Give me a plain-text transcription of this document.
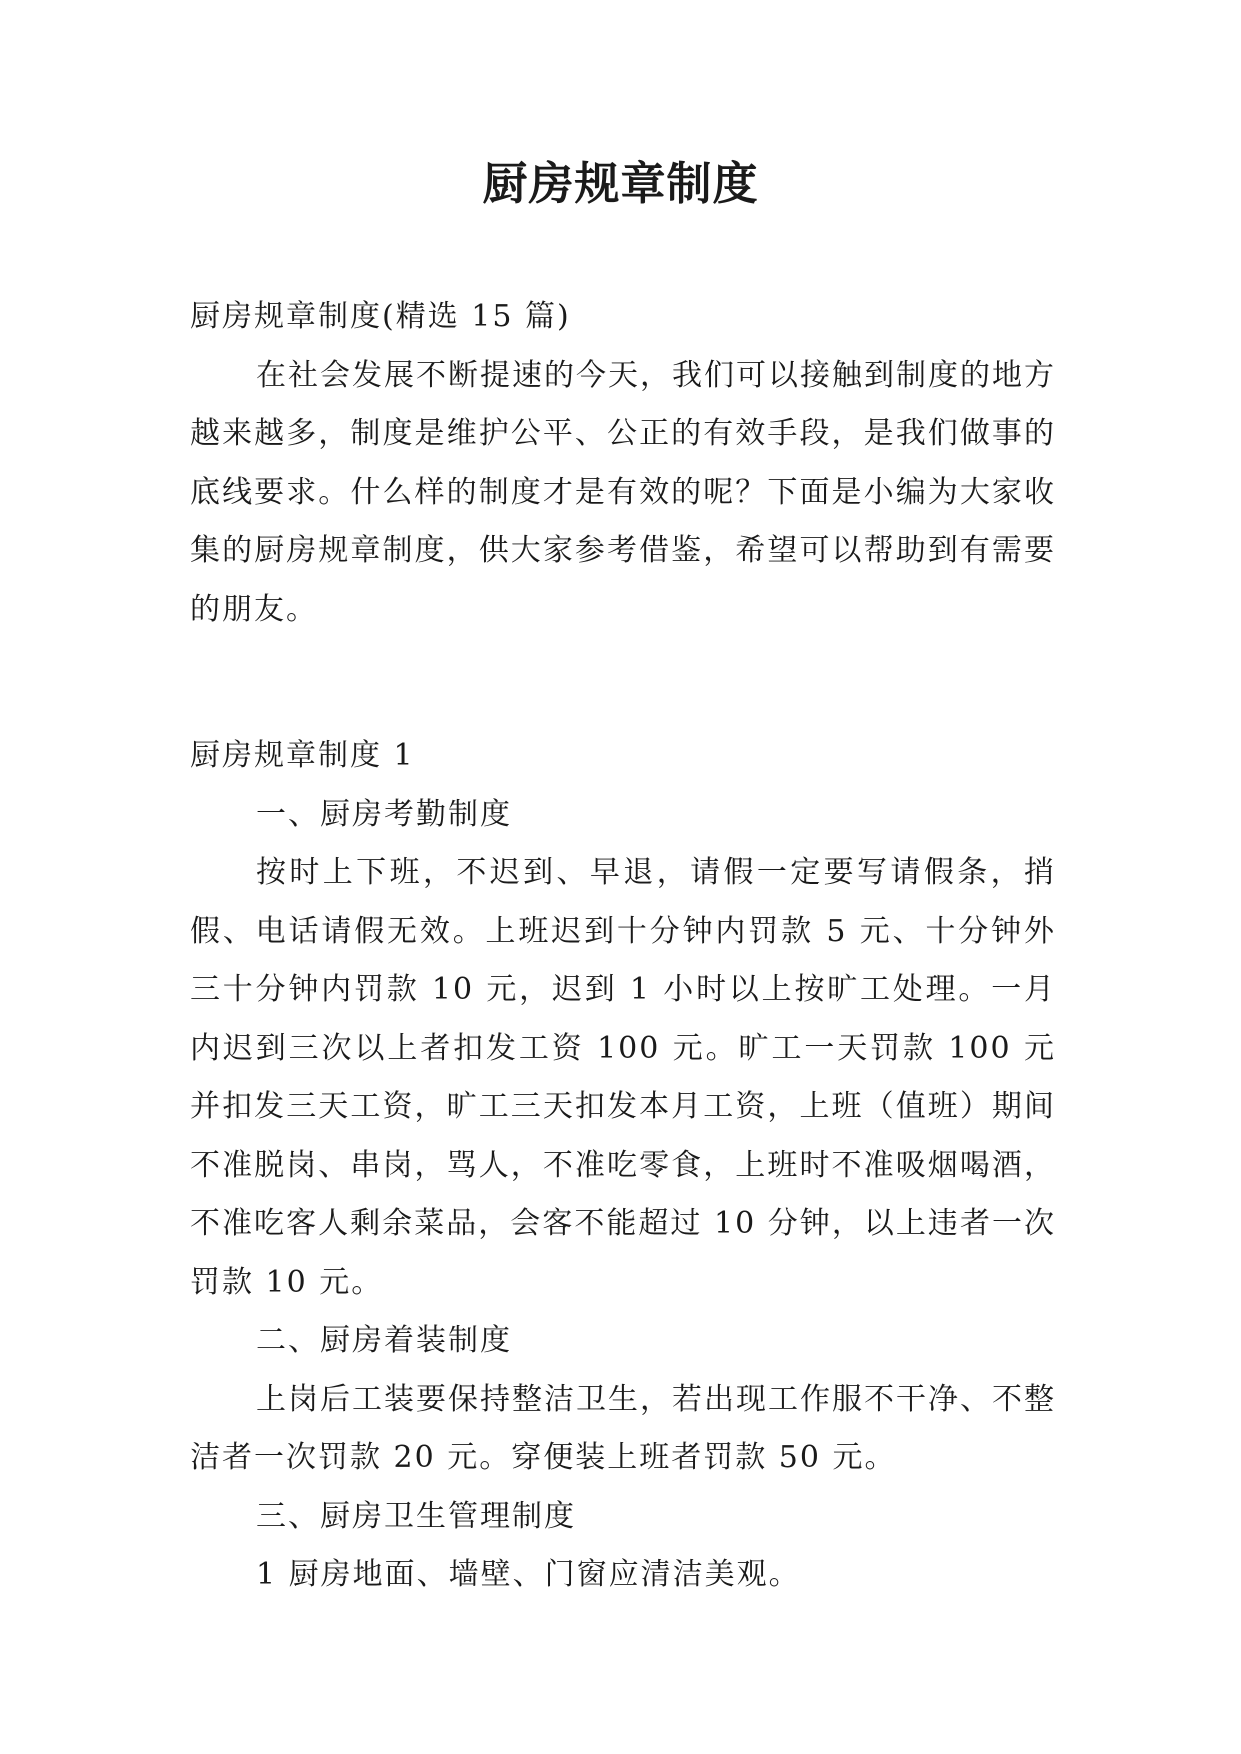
厨房规章制度

厨房规章制度(精选 15 篇)

在社会发展不断提速的今天，我们可以接触到制度的地方越来越多，制度是维护公平、公正的有效手段，是我们做事的底线要求。什么样的制度才是有效的呢？下面是小编为大家收集的厨房规章制度，供大家参考借鉴，希望可以帮助到有需要的朋友。

厨房规章制度 1

一、厨房考勤制度

按时上下班，不迟到、早退，请假一定要写请假条，捎假、电话请假无效。上班迟到十分钟内罚款 5 元、十分钟外三十分钟内罚款 10 元，迟到 1 小时以上按旷工处理。一月内迟到三次以上者扣发工资 100 元。旷工一天罚款 100 元并扣发三天工资，旷工三天扣发本月工资，上班（值班）期间不准脱岗、串岗，骂人，不准吃零食，上班时不准吸烟喝酒，不准吃客人剩余菜品，会客不能超过 10 分钟，以上违者一次罚款 10 元。

二、厨房着装制度

上岗后工装要保持整洁卫生，若出现工作服不干净、不整洁者一次罚款 20 元。穿便装上班者罚款 50 元。

三、厨房卫生管理制度

1 厨房地面、墙壁、门窗应清洁美观。
